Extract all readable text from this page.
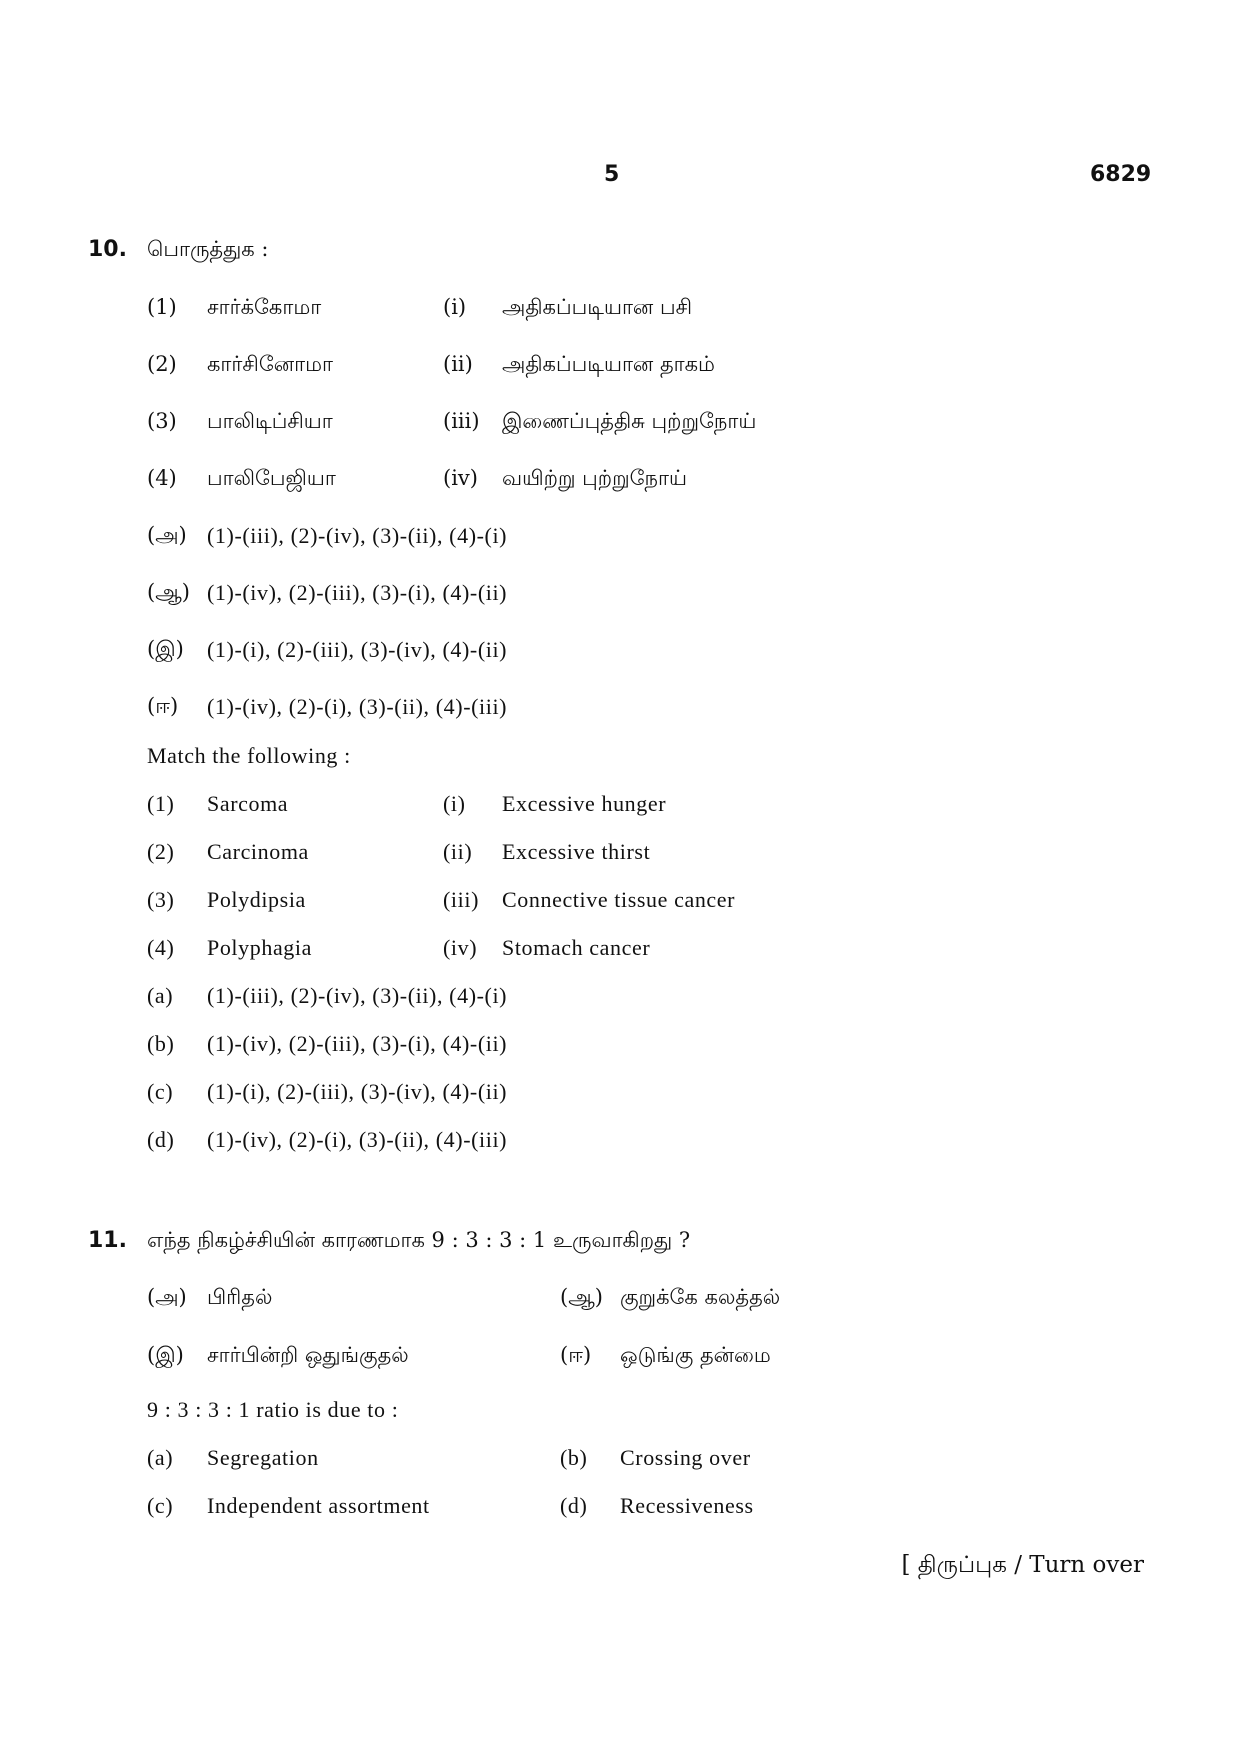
5	6829
10. பொருத்துக :
(1) சார்க்கோமா	(i) அதிகப்படியான பசி
(2) கார்சினோமா	(ii) அதிகப்படியான தாகம்
(3) பாலிடிப்சியா	(iii) இணைப்புத்திசு புற்றுநோய்
(4) பாலிபேஜியா	(iv) வயிற்று புற்றுநோய்
(அ) (1)-(iii), (2)-(iv), (3)-(ii), (4)-(i)
(ஆ) (1)-(iv), (2)-(iii), (3)-(i), (4)-(ii)
(இ) (1)-(i), (2)-(iii), (3)-(iv), (4)-(ii)
(ஈ) (1)-(iv), (2)-(i), (3)-(ii), (4)-(iii)
Match the following :
(1) Sarcoma	(i) Excessive hunger
(2) Carcinoma	(ii) Excessive thirst
(3) Polydipsia	(iii) Connective tissue cancer
(4) Polyphagia	(iv) Stomach cancer
(a) (1)-(iii), (2)-(iv), (3)-(ii), (4)-(i)
(b) (1)-(iv), (2)-(iii), (3)-(i), (4)-(ii)
(c) (1)-(i), (2)-(iii), (3)-(iv), (4)-(ii)
(d) (1)-(iv), (2)-(i), (3)-(ii), (4)-(iii)
11. எந்த நிகழ்ச்சியின் காரணமாக 9 : 3 : 3 : 1 உருவாகிறது ?
(அ) பிரிதல்	(ஆ) குறுக்கே கலத்தல்
(இ) சார்பின்றி ஒதுங்குதல்	(ஈ) ஒடுங்கு தன்மை
9 : 3 : 3 : 1 ratio is due to :
(a) Segregation	(b) Crossing over
(c) Independent assortment	(d) Recessiveness
[ திருப்புக / Turn over
